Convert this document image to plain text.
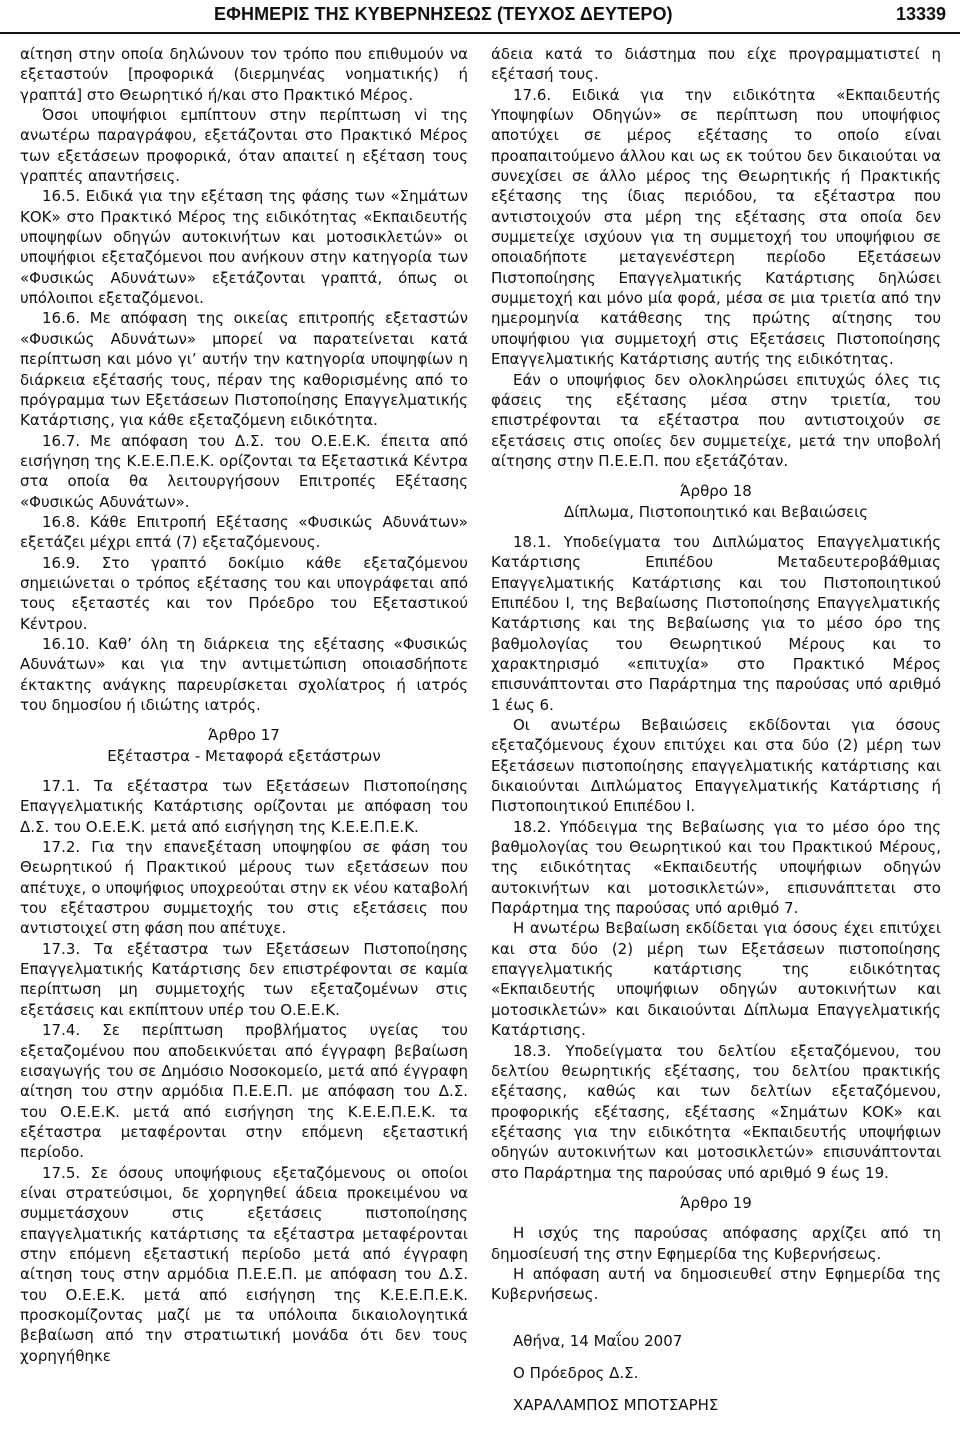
ΕΦΗΜΕΡΙΣ ΤΗΣ ΚΥΒΕΡΝΗΣΕΩΣ (ΤΕΥΧΟΣ ΔΕΥΤΕΡΟ)	13339

αίτηση στην οποία δηλώνουν τον τρόπο που επιθυμούν να εξεταστούν [προφορικά (διερμηνέας νοηματικής) ή γραπτά] στο Θεωρητικό ή/και στο Πρακτικό Μέρος.

Όσοι υποψήφιοι εμπίπτουν στην περίπτωση vi της ανωτέρω παραγράφου, εξετάζονται στο Πρακτικό Μέρος των εξετάσεων προφορικά, όταν απαιτεί η εξέταση τους γραπτές απαντήσεις.

16.5. Ειδικά για την εξέταση της φάσης των «Σημάτων ΚΟΚ» στο Πρακτικό Μέρος της ειδικότητας «Εκπαιδευτής υποψηφίων οδηγών αυτοκινήτων και μοτοσικλετών» οι υποψήφιοι εξεταζόμενοι που ανήκουν στην κατηγορία των «Φυσικώς Αδυνάτων» εξετάζονται γραπτά, όπως οι υπόλοιποι εξεταζόμενοι.

16.6. Με απόφαση της οικείας επιτροπής εξεταστών «Φυσικώς Αδυνάτων» μπορεί να παρατείνεται κατά περίπτωση και μόνο γι’ αυτήν την κατηγορία υποψηφίων η διάρκεια εξέτασής τους, πέραν της καθορισμένης από το πρόγραμμα των Εξετάσεων Πιστοποίησης Επαγγελματικής Κατάρτισης, για κάθε εξεταζόμενη ειδικότητα.

16.7. Με απόφαση του Δ.Σ. του Ο.Ε.Ε.Κ. έπειτα από εισήγηση της Κ.Ε.Ε.Π.Ε.Κ. ορίζονται τα Εξεταστικά Κέντρα στα οποία θα λειτουργήσουν Επιτροπές Εξέτασης «Φυσικώς Αδυνάτων».

16.8. Κάθε Επιτροπή Εξέτασης «Φυσικώς Αδυνάτων» εξετάζει μέχρι επτά (7) εξεταζόμενους.

16.9. Στο γραπτό δοκίμιο κάθε εξεταζόμενου σημειώνεται ο τρόπος εξέτασης του και υπογράφεται από τους εξεταστές και τον Πρόεδρο του Εξεταστικού Κέντρου.

16.10. Καθ’ όλη τη διάρκεια της εξέτασης «Φυσικώς Αδυνάτων» και για την αντιμετώπιση οποιασδήποτε έκτακτης ανάγκης παρευρίσκεται σχολίατρος ή ιατρός του δημοσίου ή ιδιώτης ιατρός.

Άρθρο 17

Εξέταστρα - Μεταφορά εξετάστρων

17.1. Τα εξέταστρα των Εξετάσεων Πιστοποίησης Επαγγελματικής Κατάρτισης ορίζονται με απόφαση του Δ.Σ. του Ο.Ε.Ε.Κ. μετά από εισήγηση της Κ.Ε.Ε.Π.Ε.Κ.

17.2. Για την επανεξέταση υποψηφίου σε φάση του Θεωρητικού ή Πρακτικού μέρους των εξετάσεων που απέτυχε, ο υποψήφιος υποχρεούται στην εκ νέου καταβολή του εξέταστρου συμμετοχής του στις εξετάσεις που αντιστοιχεί στη φάση που απέτυχε.

17.3. Τα εξέταστρα των Εξετάσεων Πιστοποίησης Επαγγελματικής Κατάρτισης δεν επιστρέφονται σε καμία περίπτωση μη συμμετοχής των εξεταζομένων στις εξετάσεις και εκπίπτουν υπέρ του Ο.Ε.Ε.Κ.

17.4. Σε περίπτωση προβλήματος υγείας του εξεταζομένου που αποδεικνύεται από έγγραφη βεβαίωση εισαγωγής του σε Δημόσιο Νοσοκομείο, μετά από έγγραφη αίτηση του στην αρμόδια Π.Ε.Ε.Π. με απόφαση του Δ.Σ. του Ο.Ε.Ε.Κ. μετά από εισήγηση της Κ.Ε.Ε.Π.Ε.Κ. τα εξέταστρα μεταφέρονται στην επόμενη εξεταστική περίοδο.

17.5. Σε όσους υποψήφιους εξεταζόμενους οι οποίοι είναι στρατεύσιμοι, δε χορηγηθεί άδεια προκειμένου να συμμετάσχουν στις εξετάσεις πιστοποίησης επαγγελματικής κατάρτισης τα εξέταστρα μεταφέρονται στην επόμενη εξεταστική περίοδο μετά από έγγραφη αίτηση τους στην αρμόδια Π.Ε.Ε.Π. με απόφαση του Δ.Σ. του Ο.Ε.Ε.Κ. μετά από εισήγηση της Κ.Ε.Ε.Π.Ε.Κ. προσκομίζοντας μαζί με τα υπόλοιπα δικαιολογητικά βεβαίωση από την στρατιωτική μονάδα ότι δεν τους χορηγήθηκε

άδεια κατά το διάστημα που είχε προγραμματιστεί η εξέτασή τους.

17.6. Ειδικά για την ειδικότητα «Εκπαιδευτής Υποψηφίων Οδηγών» σε περίπτωση που υποψήφιος αποτύχει σε μέρος εξέτασης το οποίο είναι προαπαιτούμενο άλλου και ως εκ τούτου δεν δικαιούται να συνεχίσει σε άλλο μέρος της Θεωρητικής ή Πρακτικής εξέτασης της ίδιας περιόδου, τα εξέταστρα που αντιστοιχούν στα μέρη της εξέτασης στα οποία δεν συμμετείχε ισχύουν για τη συμμετοχή του υποψήφιου σε οποιαδήποτε μεταγενέστερη περίοδο Εξετάσεων Πιστοποίησης Επαγγελματικής Κατάρτισης δηλώσει συμμετοχή και μόνο μία φορά, μέσα σε μια τριετία από την ημερομηνία κατάθεσης της πρώτης αίτησης του υποψήφιου για συμμετοχή στις Εξετάσεις Πιστοποίησης Επαγγελματικής Κατάρτισης αυτής της ειδικότητας.

Εάν ο υποψήφιος δεν ολοκληρώσει επιτυχώς όλες τις φάσεις της εξέτασης μέσα στην τριετία, του επιστρέφονται τα εξέταστρα που αντιστοιχούν σε εξετάσεις στις οποίες δεν συμμετείχε, μετά την υποβολή αίτησης στην Π.Ε.Ε.Π. που εξετάζόταν.

Άρθρο 18

Δίπλωμα, Πιστοποιητικό και Βεβαιώσεις

18.1. Υποδείγματα του Διπλώματος Επαγγελματικής Κατάρτισης Επιπέδου Μεταδευτεροβάθμιας Επαγγελματικής Κατάρτισης και του Πιστοποιητικού Επιπέδου Ι, της Βεβαίωσης Πιστοποίησης Επαγγελματικής Κατάρτισης και της Βεβαίωσης για το μέσο όρο της βαθμολογίας του Θεωρητικού Μέρους και το χαρακτηρισμό «επιτυχία» στο Πρακτικό Μέρος επισυνάπτονται στο Παράρτημα της παρούσας υπό αριθμό 1 έως 6.

Οι ανωτέρω Βεβαιώσεις εκδίδονται για όσους εξεταζόμενους έχουν επιτύχει και στα δύο (2) μέρη των Εξετάσεων πιστοποίησης επαγγελματικής κατάρτισης και δικαιούνται Διπλώματος Επαγγελματικής Κατάρτισης ή Πιστοποιητικού Επιπέδου Ι.

18.2. Υπόδειγμα της Βεβαίωσης για το μέσο όρο της βαθμολογίας του Θεωρητικού και του Πρακτικού Μέρους, της ειδικότητας «Εκπαιδευτής υποψήφιων οδηγών αυτοκινήτων και μοτοσικλετών», επισυνάπτεται στο Παράρτημα της παρούσας υπό αριθμό 7.

Η ανωτέρω Βεβαίωση εκδίδεται για όσους έχει επιτύχει και στα δύο (2) μέρη των Εξετάσεων πιστοποίησης επαγγελματικής κατάρτισης της ειδικότητας «Εκπαιδευτής υποψήφιων οδηγών αυτοκινήτων και μοτοσικλετών» και δικαιούνται Δίπλωμα Επαγγελματικής Κατάρτισης.

18.3. Υποδείγματα του δελτίου εξεταζόμενου, του δελτίου θεωρητικής εξέτασης, του δελτίου πρακτικής εξέτασης, καθώς και των δελτίων εξεταζόμενου, προφορικής εξέτασης, εξέτασης «Σημάτων ΚΟΚ» και εξέτασης για την ειδικότητα «Εκπαιδευτής υποψήφιων οδηγών αυτοκινήτων και μοτοσικλετών» επισυνάπτονται στο Παράρτημα της παρούσας υπό αριθμό 9 έως 19.

Άρθρο 19

Η ισχύς της παρούσας απόφασης αρχίζει από τη δημοσίευσή της στην Εφημερίδα της Κυβερνήσεως.

Η απόφαση αυτή να δημοσιευθεί στην Εφημερίδα της Κυβερνήσεως.

Αθήνα, 14 Μαΐου 2007

Ο Πρόεδρος Δ.Σ.

ΧΑΡΑΛΑΜΠΟΣ ΜΠΟΤΣΑΡΗΣ
